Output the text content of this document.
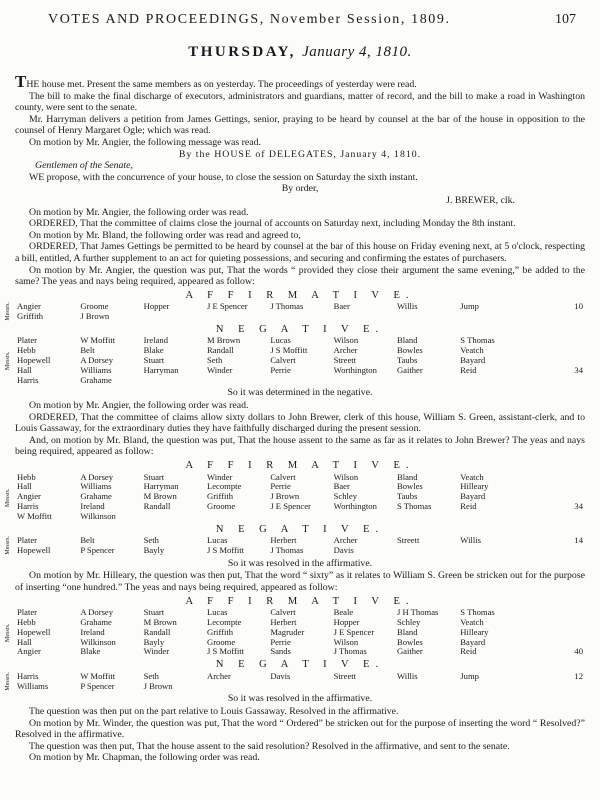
VOTES AND PROCEEDINGS, November Session, 1809.	107
THURSDAY, January 4, 1810.

THE house met. Present the same members as on yesterday. The proceedings of yesterday were read.

The bill to make the final discharge of executors, administrators and guardians, matter of record, and the bill to make a road in Washington county, were sent to the senate.

Mr. Harryman delivers a petition from James Gettings, senior, praying to be heard by counsel at the bar of the house in opposition to the counsel of Henry Margaret Ogle; which was read.

On motion by Mr. Angier, the following message was read.

By the HOUSE of DELEGATES, January 4, 1810.

Gentlemen of the Senate,

WE propose, with the concurrence of your house, to close the session on Saturday the sixth instant.

By order,

J. BREWER, clk.

On motion by Mr. Angier, the following order was read.

ORDERED, That the committee of claims close the journal of accounts on Saturday next, including Monday the 8th instant.

On motion by Mr. Bland, the following order was read and agreed to,

ORDERED, That James Gettings be permitted to be heard by counsel at the bar of this house on Friday evening next, at 5 o'clock, respecting a bill, entitled, A further supplement to an act for quieting possessions, and securing and confirming the estates of purchasers.

On motion by Mr. Angier, the question was put, That the words “ provided they close their argument the same evening,” be added to the same? The yeas and nays being required, appeared as follow:

A F F I R M A T I V E.
Messrs. Angier	Groome	Hopper	J E Spencer	J Thomas	Baer	Willis	Jump	10
Griffith	J Brown							
N E G A T I V E.
Messrs.
Plater	W Moffitt	Ireland	M Brown	Lucas	Wilson	Bland	S Thomas	
Hebb	Belt	Blake	Randall	J S Moffitt	Archer	Bowles	Veatch	
Hopewell	A Dorsey	Stuart	Seth	Calvert	Streett	Taubs	Bayard	
Hall	Williams	Harryman	Winder	Perrie	Worthington	Gaither	Reid	34
Harris	Grahame							

So it was determined in the negative.

On motion by Mr. Angier, the following order was read.

ORDERED, That the committee of claims allow sixty dollars to John Brewer, clerk of this house, William S. Green, assistant-clerk, and to Louis Gassaway, for the extraordinary duties they have faithfully discharged during the present session.

And, on motion by Mr. Bland, the question was put, That the house assent to the same as far as it relates to John Brewer? The yeas and nays being required, appeared as follow:

A F F I R M A T I V E.
Messrs.
Hebb	A Dorsey	Stuart	Winder	Calvert	Wilson	Bland	Veatch	
Hall	Williams	Harryman	Lecompte	Perrie	Baer	Bowles	Hilleary	
Angier	Grahame	M Brown	Griffith	J Brown	Schley	Taubs	Bayard	
Harris	Ireland	Randall	Groome	J E Spencer	Worthington	S Thomas	Reid	34
W Moffitt	Wilkinson							
N E G A T I V E.
Messrs. Plater	Belt	Seth	Lucas	Herbert	Archer	Streett	Willis	14
Hopewell	P Spencer	Bayly	J S Moffitt	J Thomas	Davis			

So it was resolved in the affirmative.

On motion by Mr. Hilleary, the question was then put, That the word “ sixty” as it relates to William S. Green be stricken out for the purpose of inserting “one hundred.” The yeas and nays being required, appeared as follow:

A F F I R M A T I V E.
Messrs.
Plater	A Dorsey	Stuart	Lucas	Calvert	Beale	J H Thomas	S Thomas	
Hebb	Grahame	M Brown	Lecompte	Herbert	Hopper	Schley	Veatch	
Hopewell	Ireland	Randall	Griffith	Magruder	J E Spencer	Bland	Hilleary	
Hall	Wilkinson	Bayly	Groome	Perrie	Wilson	Bowles	Bayard	
Angier	Blake	Winder	J S Moffitt	Sands	J Thomas	Gaither	Reid	40
N E G A T I V E.
Messrs. Harris	W Moffitt	Seth	Archer	Davis	Streett	Willis	Jump	12
Williams	P Spencer	J Brown						

So it was resolved in the affirmative.

The question was then put on the part relative to Louis Gassaway. Resolved in the affirmative.

On motion by Mr. Winder, the question was put, That the word “ Ordered” be stricken out for the purpose of inserting the word “ Resolved?” Resolved in the affirmative.

The question was then put, That the house assent to the said resolution? Resolved in the affirmative, and sent to the senate.

On motion by Mr. Chapman, the following order was read.
